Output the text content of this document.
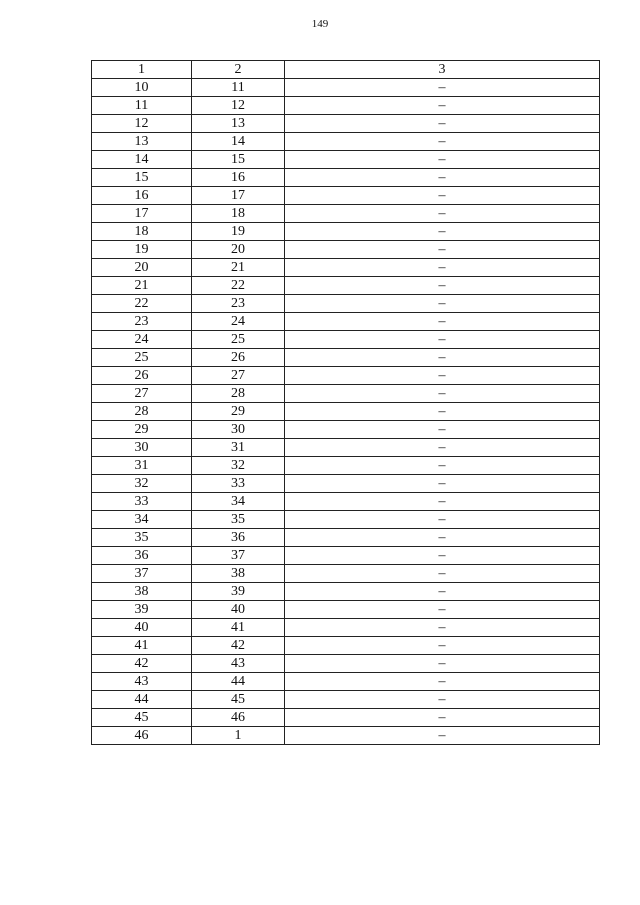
149
1	2	3
10	11	–
11	12	–
12	13	–
13	14	–
14	15	–
15	16	–
16	17	–
17	18	–
18	19	–
19	20	–
20	21	–
21	22	–
22	23	–
23	24	–
24	25	–
25	26	–
26	27	–
27	28	–
28	29	–
29	30	–
30	31	–
31	32	–
32	33	–
33	34	–
34	35	–
35	36	–
36	37	–
37	38	–
38	39	–
39	40	–
40	41	–
41	42	–
42	43	–
43	44	–
44	45	–
45	46	–
46	1	–
